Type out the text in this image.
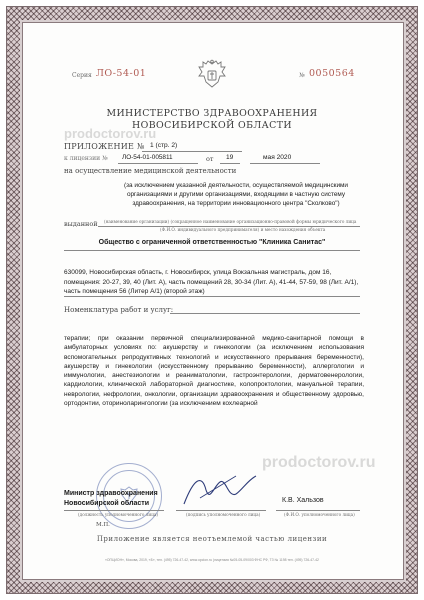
Серия ЛО-54-01	№ 0050564
МИНИСТЕРСТВО ЗДРАВООХРАНЕНИЯ
НОВОСИБИРСКОЙ ОБЛАСТИ
ПРИЛОЖЕНИЕ № 1 (стр. 2)
к лицензии № ЛО-54-01-005811	от 19	мая 2020
на осуществление медицинской деятельности
(за исключением указанной деятельности, осуществляемой медицинскими организациями и другими организациями, входящими в частную систему здравоохранения, на территории инновационного центра "Сколково")
выданной (наименование организации) (сокращенное наименование организационно-правовой формы юридического лица
(Ф.И.О. индивидуального предпринимателя) и место нахождения объекта
Общество с ограниченной ответственностью "Клиника Санитас"
630099, Новосибирская область, г. Новосибирск, улица Вокзальная магистраль, дом 16, помещения: 20-27, 39, 40 (Лит. А), часть помещений 28, 30-34 (Лит. А), 41-44, 57-59, 98 (Лит. А/1), часть помещения 56 (Литер А/1) (второй этаж)
Номенклатура работ и услуг:
терапии; при оказании первичной специализированной медико-санитарной помощи в амбулаторных условиях по: акушерству и гинекологии (за исключением использования вспомогательных репродуктивных технологий и искусственного прерывания беременности), акушерству и гинекологии (искусственному прерыванию беременности), аллергологии и иммунологии, анестезиологии и реаниматологии, гастроэнтерологии, дерматовенерологии, кардиологии, клинической лабораторной диагностике, колопроктологии, мануальной терапии, неврологии, нефрологии, онкологии, организации здравоохранения и общественному здоровью, ортодонтии, оториноларингологии (за исключением кохлеарной
prodoctorov.ru
prodoctorov.ru
Министр здравоохранения
Новосибирской области
(должность уполномоченного лица)	(подпись уполномоченного лица)
К.В. Хальзов
(Ф.И.О. уполномоченного лица)
М.П.
Приложение является неотъемлемой частью лицензии
«ОПЦИОН», Москва, 2019, «Б», тел. (495) 726-47-42, www.opcion.ru (лицензия №05-05-09/003 ФНС РФ, ТЗ № 1198 тел. (495) 726-47-42
